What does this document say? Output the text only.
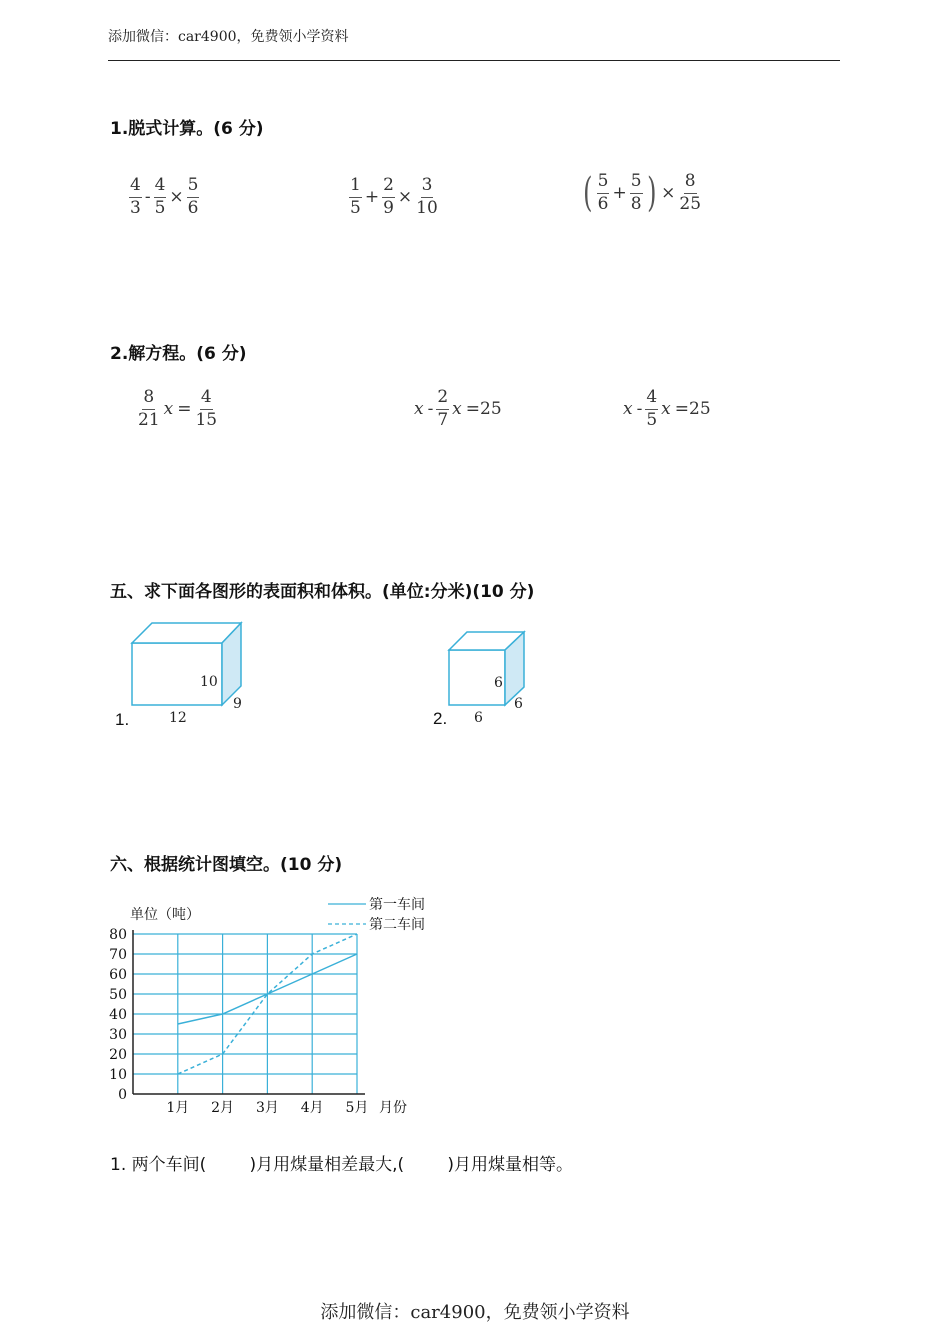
添加微信：car4900，免费领小学资料
添加微信：car4900，免费领小学资料
1.脱式计算。(6 分)
$\frac{4}{3} - \frac{4}{5} \times \frac{5}{6}$	$\frac{1}{5} + \frac{2}{9} \times \frac{3}{10}$	( $\frac{5}{6} + \frac{5}{8}$ ) × $\frac{8}{25}$
2.解方程。(6 分)
$\frac{8}{21}$ $x = \frac{4}{15}$	x - $\frac{2}{7}$ x =25	x - $\frac{4}{5}$ x =25
五、求下面各图形的表面积和体积。(单位:分米)(10 分)
1.
10
12
9
2.
6
6
6
六、根据统计图填空。(10 分)
0
10
20
30
40
50
60
70
80
1月 2月 3月 4月 5月 月份
单位（吨）
第一车间
第二车间
1. 两个车间(        )月用煤量相差最大,(        )月用煤量相等。
